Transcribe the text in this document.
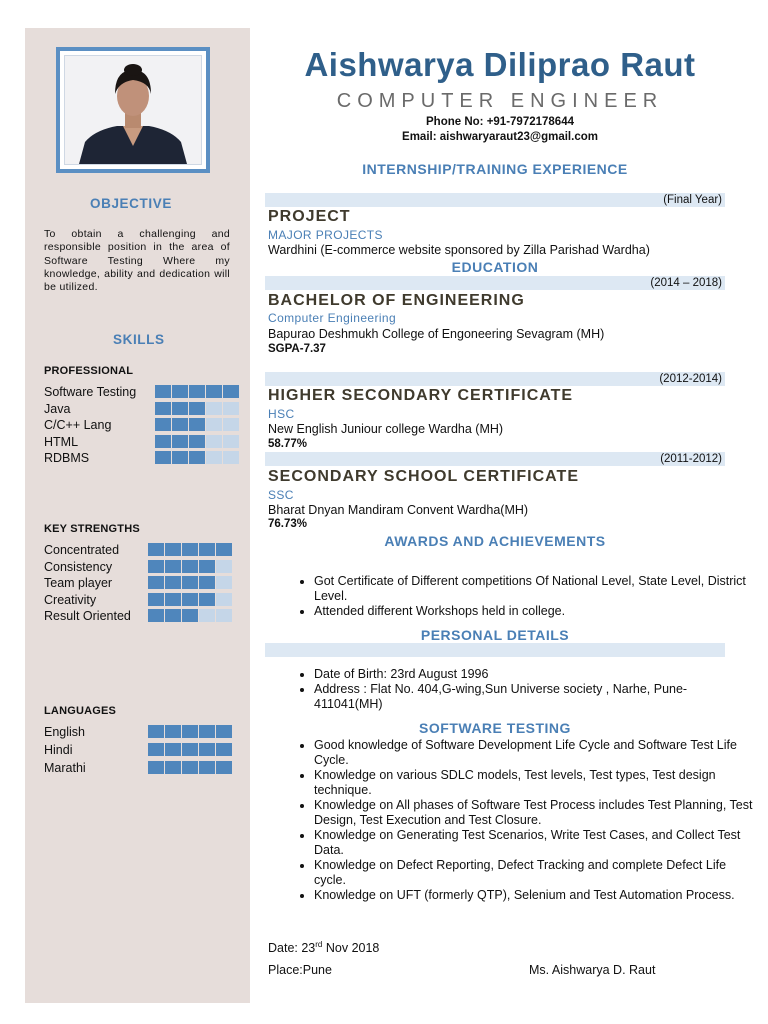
OBJECTIVE
To obtain a challenging and responsible position in the area of Software Testing Where my knowledge, ability and dedication will be utilized.
SKILLS
PROFESSIONAL
Software Testing
Java
C/C++ Lang
HTML
RDBMS
KEY STRENGTHS
Concentrated
Consistency
Team player
Creativity
Result Oriented
LANGUAGES
English
Hindi
Marathi
Aishwarya Diliprao Raut
COMPUTER ENGINEER
Phone No: +91-7972178644
Email: aishwaryaraut23@gmail.com
INTERNSHIP/TRAINING EXPERIENCE
(Final Year)
PROJECT
MAJOR PROJECTS
Wardhini (E-commerce website sponsored by Zilla Parishad Wardha)
EDUCATION
(2014 – 2018)
BACHELOR OF ENGINEERING
Computer Engineering
Bapurao Deshmukh College of Engoneering Sevagram (MH)
SGPA-7.37
(2012-2014)
HIGHER SECONDARY CERTIFICATE
HSC
New English Juniour college Wardha (MH)
58.77%
(2011-2012)
SECONDARY SCHOOL CERTIFICATE
SSC
Bharat Dnyan Mandiram Convent Wardha(MH)
76.73%
AWARDS AND ACHIEVEMENTS
• Got Certificate of Different competitions Of National Level, State Level, District Level.
• Attended different Workshops held in college.
PERSONAL DETAILS
• Date of Birth: 23rd August 1996
• Address : Flat No. 404,G-wing,Sun Universe society , Narhe, Pune-411041(MH)
SOFTWARE TESTING
• Good knowledge of Software Development Life Cycle and Software Test Life Cycle.
• Knowledge on various SDLC models, Test levels, Test types, Test design technique.
• Knowledge on All phases of Software Test Process includes Test Planning, Test Design, Test Execution and Test Closure.
• Knowledge on Generating Test Scenarios, Write Test Cases, and Collect Test Data.
• Knowledge on Defect Reporting, Defect Tracking and complete Defect Life cycle.
• Knowledge on UFT (formerly QTP), Selenium and Test Automation Process.
Date: 23rd Nov 2018
Place:Pune	Ms. Aishwarya D. Raut
